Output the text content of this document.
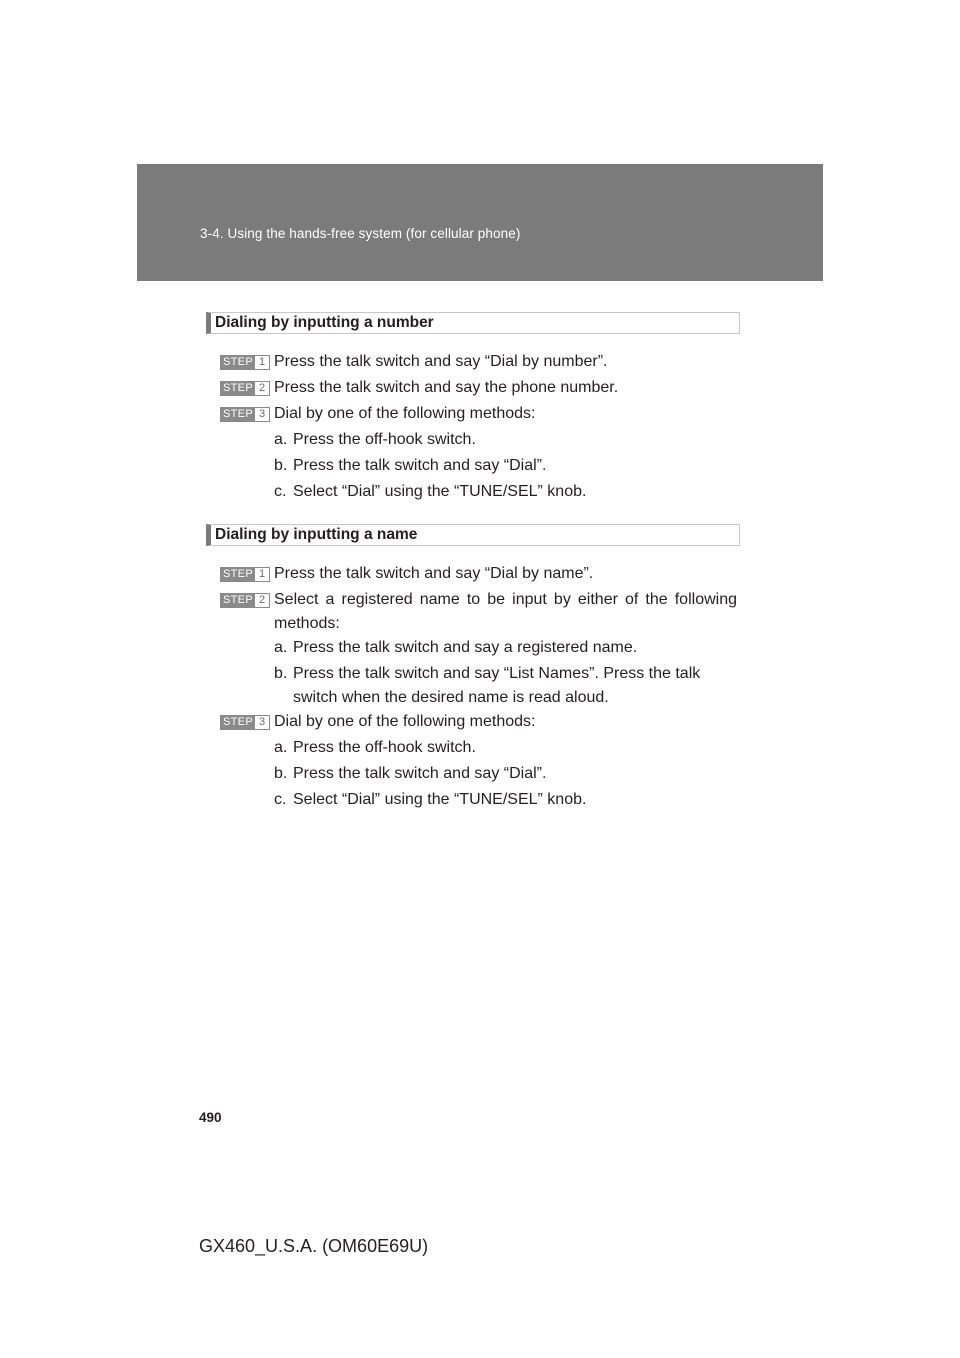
3-4. Using the hands-free system (for cellular phone)
Dialing by inputting a number
STEP 1 Press the talk switch and say “Dial by number”.
STEP 2 Press the talk switch and say the phone number.
STEP 3 Dial by one of the following methods:
a. Press the off-hook switch.
b. Press the talk switch and say “Dial”.
c. Select “Dial” using the “TUNE/SEL” knob.
Dialing by inputting a name
STEP 1 Press the talk switch and say “Dial by name”.
STEP 2 Select a registered name to be input by either of the following methods:
a. Press the talk switch and say a registered name.
b. Press the talk switch and say “List Names”. Press the talk switch when the desired name is read aloud.
STEP 3 Dial by one of the following methods:
a. Press the off-hook switch.
b. Press the talk switch and say “Dial”.
c. Select “Dial” using the “TUNE/SEL” knob.
490
GX460_U.S.A. (OM60E69U)
